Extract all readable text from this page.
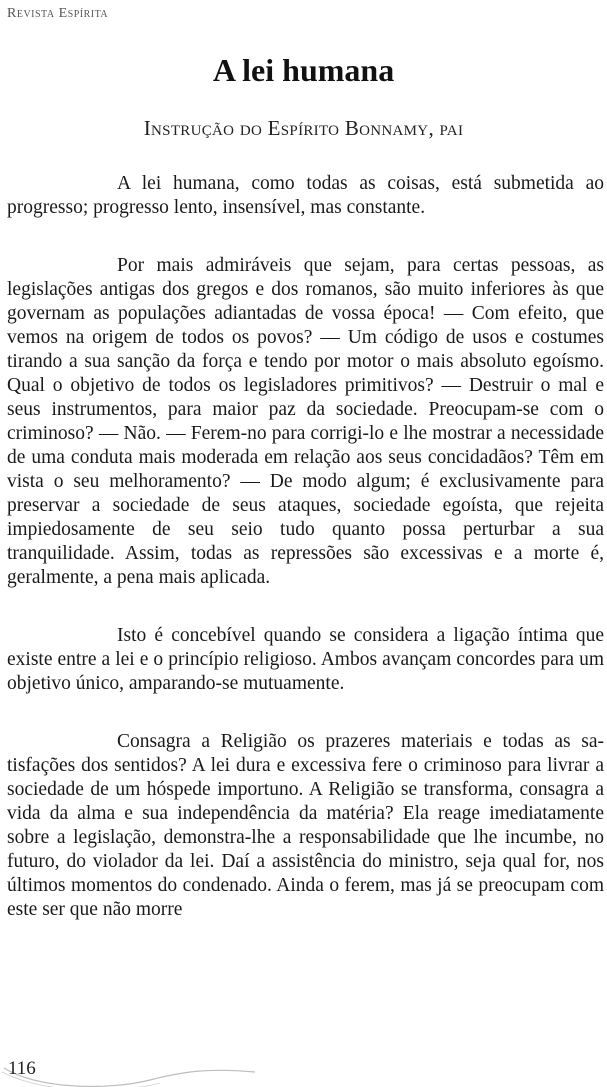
Revista Espírita
A lei humana
Instrução do Espírito Bonnamy, pai

A lei humana, como todas as coisas, está submetida ao progresso; progresso lento, insensível, mas constante.

Por mais admiráveis que sejam, para certas pessoas, as legislações antigas dos gregos e dos romanos, são muito inferiores às que governam as populações adiantadas de vossa época! — Com efeito, que vemos na origem de todos os povos? — Um código de usos e costumes tirando a sua sanção da força e tendo por motor o mais absoluto egoísmo. Qual o objetivo de todos os legisladores primitivos? — Destruir o mal e seus instrumentos, para maior paz da sociedade. Preocupam-se com o criminoso? — Não. — Ferem-no para corrigi-lo e lhe mostrar a necessidade de uma conduta mais moderada em relação aos seus concidadãos? Têm em vista o seu melhoramento? — De modo algum; é exclusivamente para preservar a sociedade de seus ataques, sociedade egoísta, que rejeita impiedosamente de seu seio tudo quanto possa perturbar a sua tranquilidade. Assim, todas as repressões são excessivas e a morte é, geralmente, a pena mais aplicada.

Isto é concebível quando se considera a ligação íntima que existe entre a lei e o princípio religioso. Ambos avançam concordes para um objetivo único, amparando-se mutuamente.

Consagra a Religião os prazeres materiais e todas as satisfações dos sentidos? A lei dura e excessiva fere o criminoso para livrar a sociedade de um hóspede importuno. A Religião se transforma, consagra a vida da alma e sua independência da matéria? Ela reage imediatamente sobre a legislação, demonstra-lhe a responsabilidade que lhe incumbe, no futuro, do violador da lei. Daí a assistência do ministro, seja qual for, nos últimos momentos do condenado. Ainda o ferem, mas já se preocupam com este ser que não morre

116
